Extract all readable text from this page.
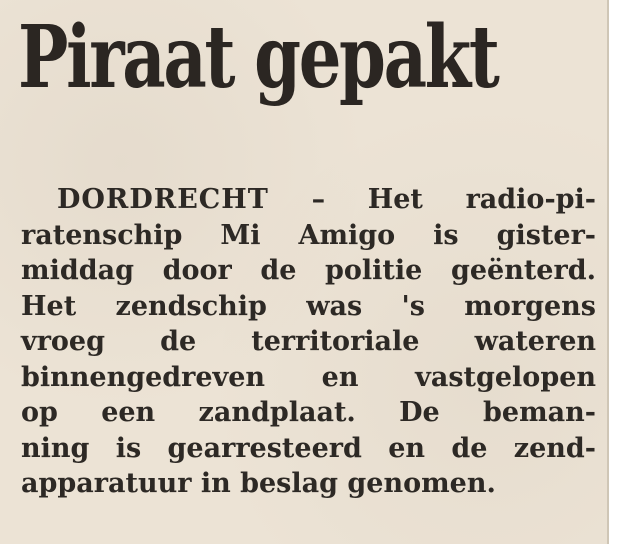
Piraat gepakt
DORDRECHT – Het radio-pi-
ratenschip Mi Amigo is gister-
middag door de politie geënterd.
Het zendschip was 's morgens
vroeg de territoriale wateren
binnengedreven en vastgelopen
op een zandplaat. De beman-
ning is gearresteerd en de zend-
apparatuur in beslag genomen.
